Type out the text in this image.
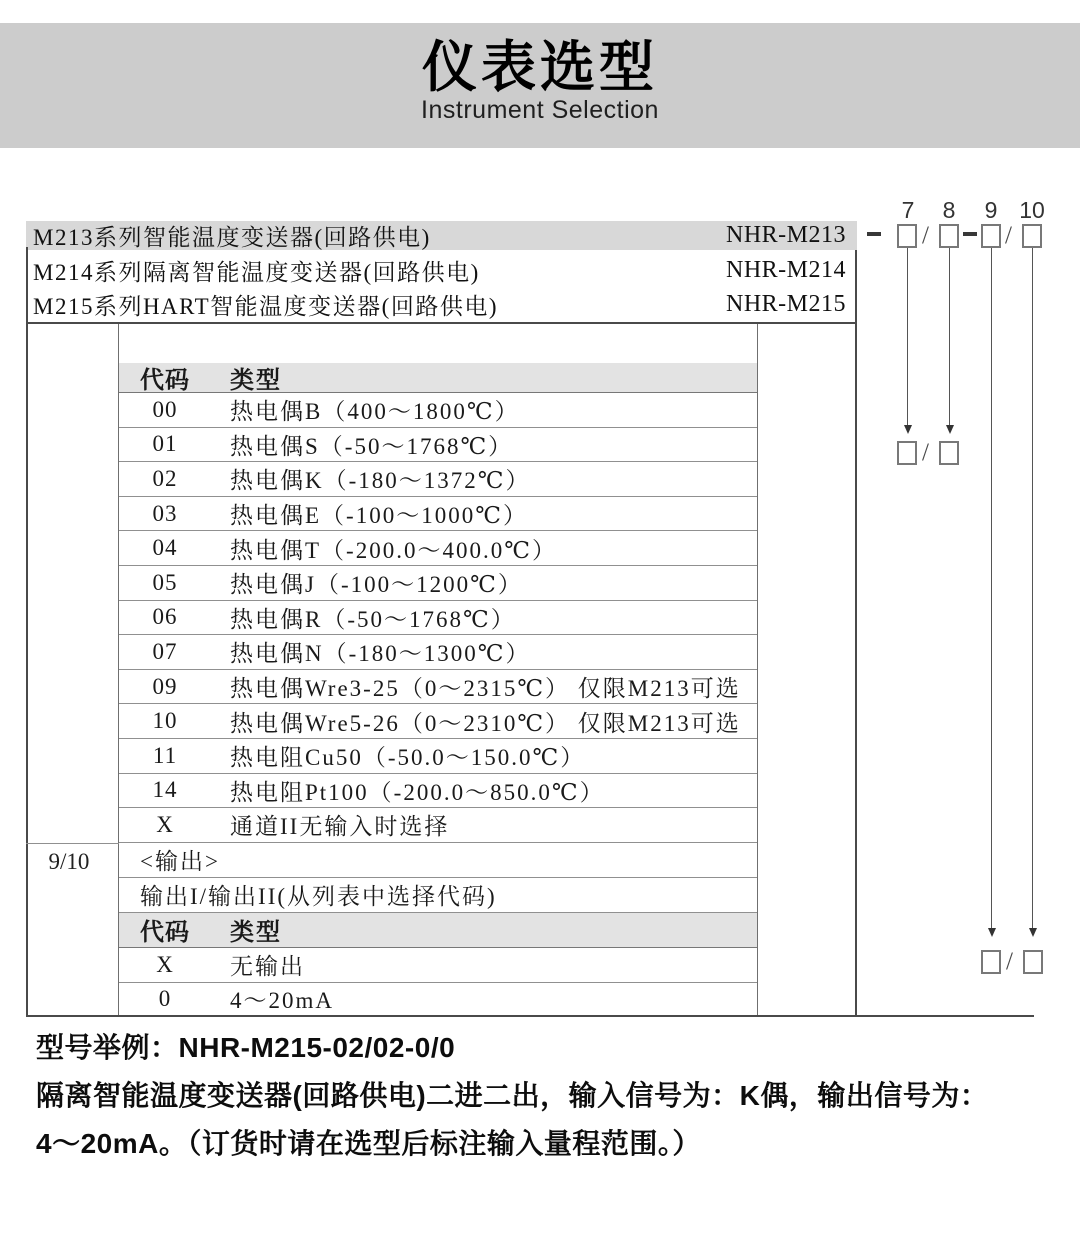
仪表选型
Instrument Selection
M213系列智能温度变送器(回路供电)	NHR-M213
M214系列隔离智能温度变送器(回路供电)	NHR-M214
M215系列HART智能温度变送器(回路供电)	NHR-M215
9/10
代码	类型
00	热电偶B（400～1800℃）
01	热电偶S（-50～1768℃）
02	热电偶K（-180～1372℃）
03	热电偶E（-100～1000℃）
04	热电偶T（-200.0～400.0℃）
05	热电偶J（-100～1200℃）
06	热电偶R（-50～1768℃）
07	热电偶N（-180～1300℃）
09	热电偶Wre3-25（0～2315℃） 仅限M213可选
10	热电偶Wre5-26（0～2310℃） 仅限M213可选
11	热电阻Cu50（-50.0～150.0℃）
14	热电阻Pt100（-200.0～850.0℃）
X	通道II无输入时选择
<输出>
输出I/输出II(从列表中选择代码)
代码	类型
X	无输出
0	4～20mA
7	8	9 10
/	/
/
/
型号举例：NHR-M215-02/02-0/0
隔离智能温度变送器(回路供电)二进二出，输入信号为：K偶，输出信号为：
4～20mA。（订货时请在选型后标注输入量程范围。）
